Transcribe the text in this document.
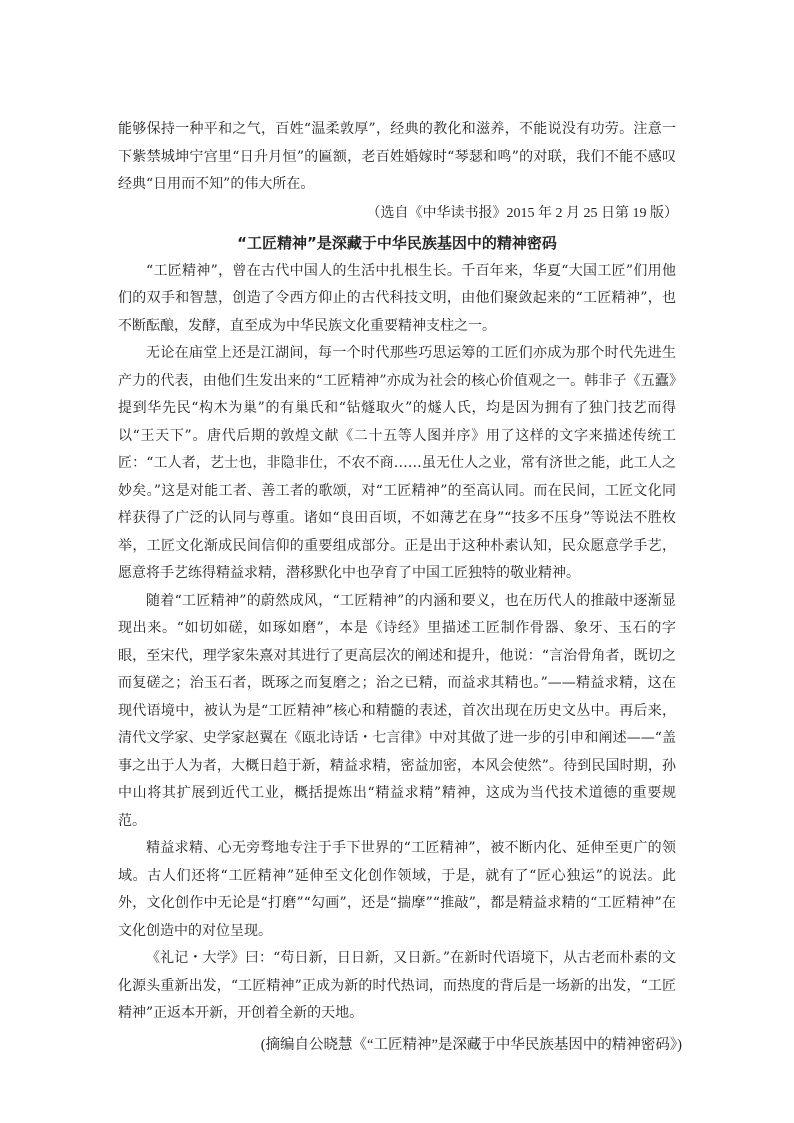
能够保持一种平和之气，百姓“温柔敦厚”，经典的教化和滋养，不能说没有功劳。注意一下紫禁城坤宁宫里“日升月恒”的匾额，老百姓婚嫁时“琴瑟和鸣”的对联，我们不能不感叹经典“日用而不知”的伟大所在。

（选自《中华读书报》2015 年 2 月 25 日第 19 版）

“工匠精神”是深藏于中华民族基因中的精神密码

“工匠精神”，曾在古代中国人的生活中扎根生长。千百年来，华夏“大国工匠”们用他们的双手和智慧，创造了令西方仰止的古代科技文明，由他们聚敛起来的“工匠精神”，也不断酝酿，发酵，直至成为中华民族文化重要精神支柱之一。

无论在庙堂上还是江湖间，每一个时代那些巧思运筹的工匠们亦成为那个时代先进生产力的代表，由他们生发出来的“工匠精神”亦成为社会的核心价值观之一。韩非子《五蠹》提到华先民“构木为巢”的有巢氏和“钻燧取火”的燧人氏，均是因为拥有了独门技艺而得以“王天下”。唐代后期的敦煌文献《二十五等人图并序》用了这样的文字来描述传统工匠：“工人者，艺士也，非隐非仕，不农不商……虽无仕人之业，常有济世之能，此工人之妙矣。”这是对能工者、善工者的歌颂，对“工匠精神”的至高认同。而在民间，工匠文化同样获得了广泛的认同与尊重。诸如“良田百顷，不如薄艺在身”“技多不压身”等说法不胜枚举，工匠文化渐成民间信仰的重要组成部分。正是出于这种朴素认知，民众愿意学手艺，愿意将手艺练得精益求精，潜移默化中也孕育了中国工匠独特的敬业精神。

随着“工匠精神”的蔚然成风，“工匠精神”的内涵和要义，也在历代人的推敲中逐渐显现出来。“如切如磋，如琢如磨”，本是《诗经》里描述工匠制作骨器、象牙、玉石的字眼，至宋代，理学家朱熹对其进行了更高层次的阐述和提升，他说：“言治骨角者，既切之而复磋之；治玉石者，既琢之而复磨之；治之已精，而益求其精也。”——精益求精，这在现代语境中，被认为是“工匠精神”核心和精髓的表述，首次出现在历史文丛中。再后来，清代文学家、史学家赵翼在《瓯北诗话・七言律》中对其做了进一步的引申和阐述——“盖事之出于人为者，大概日趋于新，精益求精，密益加密，本风会使然”。待到民国时期，孙中山将其扩展到近代工业，概括提炼出“精益求精”精神，这成为当代技术道德的重要规范。

精益求精、心无旁骛地专注于手下世界的“工匠精神”，被不断内化、延伸至更广的领域。古人们还将“工匠精神”延伸至文化创作领域，于是，就有了“匠心独运”的说法。此外，文化创作中无论是“打磨”“勾画”，还是“揣摩”“推敲”，都是精益求精的“工匠精神”在文化创造中的对位呈现。

《礼记・大学》曰：“苟日新，日日新，又日新。”在新时代语境下，从古老而朴素的文化源头重新出发，“工匠精神”正成为新的时代热词，而热度的背后是一场新的出发，“工匠精神”正返本开新，开创着全新的天地。

(摘编自公晓慧《“工匠精神”是深藏于中华民族基因中的精神密码》)
